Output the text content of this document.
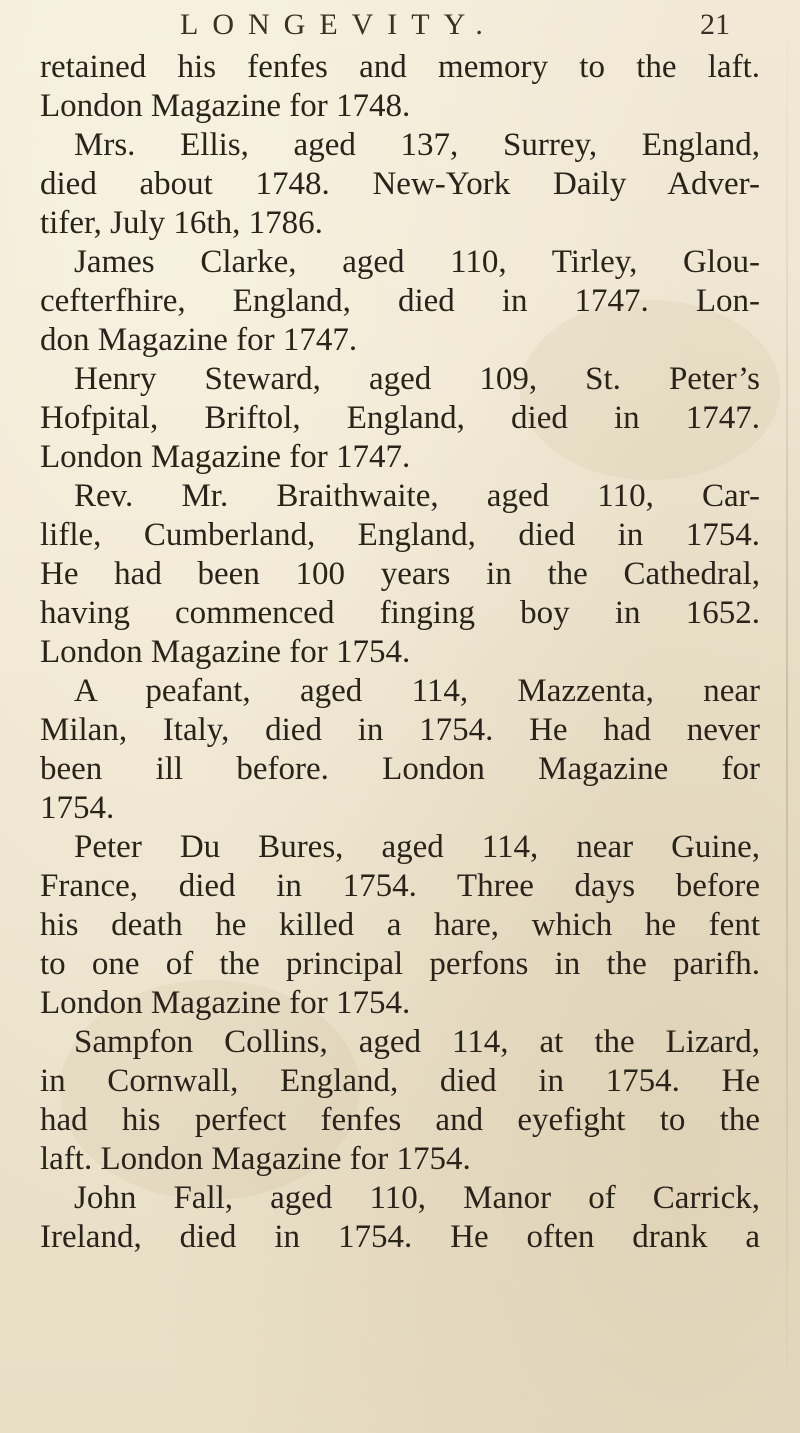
LONGEVITY.	21
retained his fenfes and memory to the laft.
London Magazine for 1748.
Mrs. Ellis, aged 137, Surrey, England,
died about 1748. New-York Daily Adver-
tifer, July 16th, 1786.
James Clarke, aged 110, Tirley, Glou-
cefterfhire, England, died in 1747. Lon-
don Magazine for 1747.
Henry Steward, aged 109, St. Peter’s
Hofpital, Briftol, England, died in 1747.
London Magazine for 1747.
Rev. Mr. Braithwaite, aged 110, Car-
lifle, Cumberland, England, died in 1754.
He had been 100 years in the Cathedral,
having commenced finging boy in 1652.
London Magazine for 1754.
A peafant, aged 114, Mazzenta, near
Milan, Italy, died in 1754. He had never
been ill before. London Magazine for
1754.
Peter Du Bures, aged 114, near Guine,
France, died in 1754. Three days before
his death he killed a hare, which he fent
to one of the principal perfons in the parifh.
London Magazine for 1754.
Sampfon Collins, aged 114, at the Lizard,
in Cornwall, England, died in 1754. He
had his perfect fenfes and eyefight to the
laft. London Magazine for 1754.
John Fall, aged 110, Manor of Carrick,
Ireland, died in 1754. He often drank a
